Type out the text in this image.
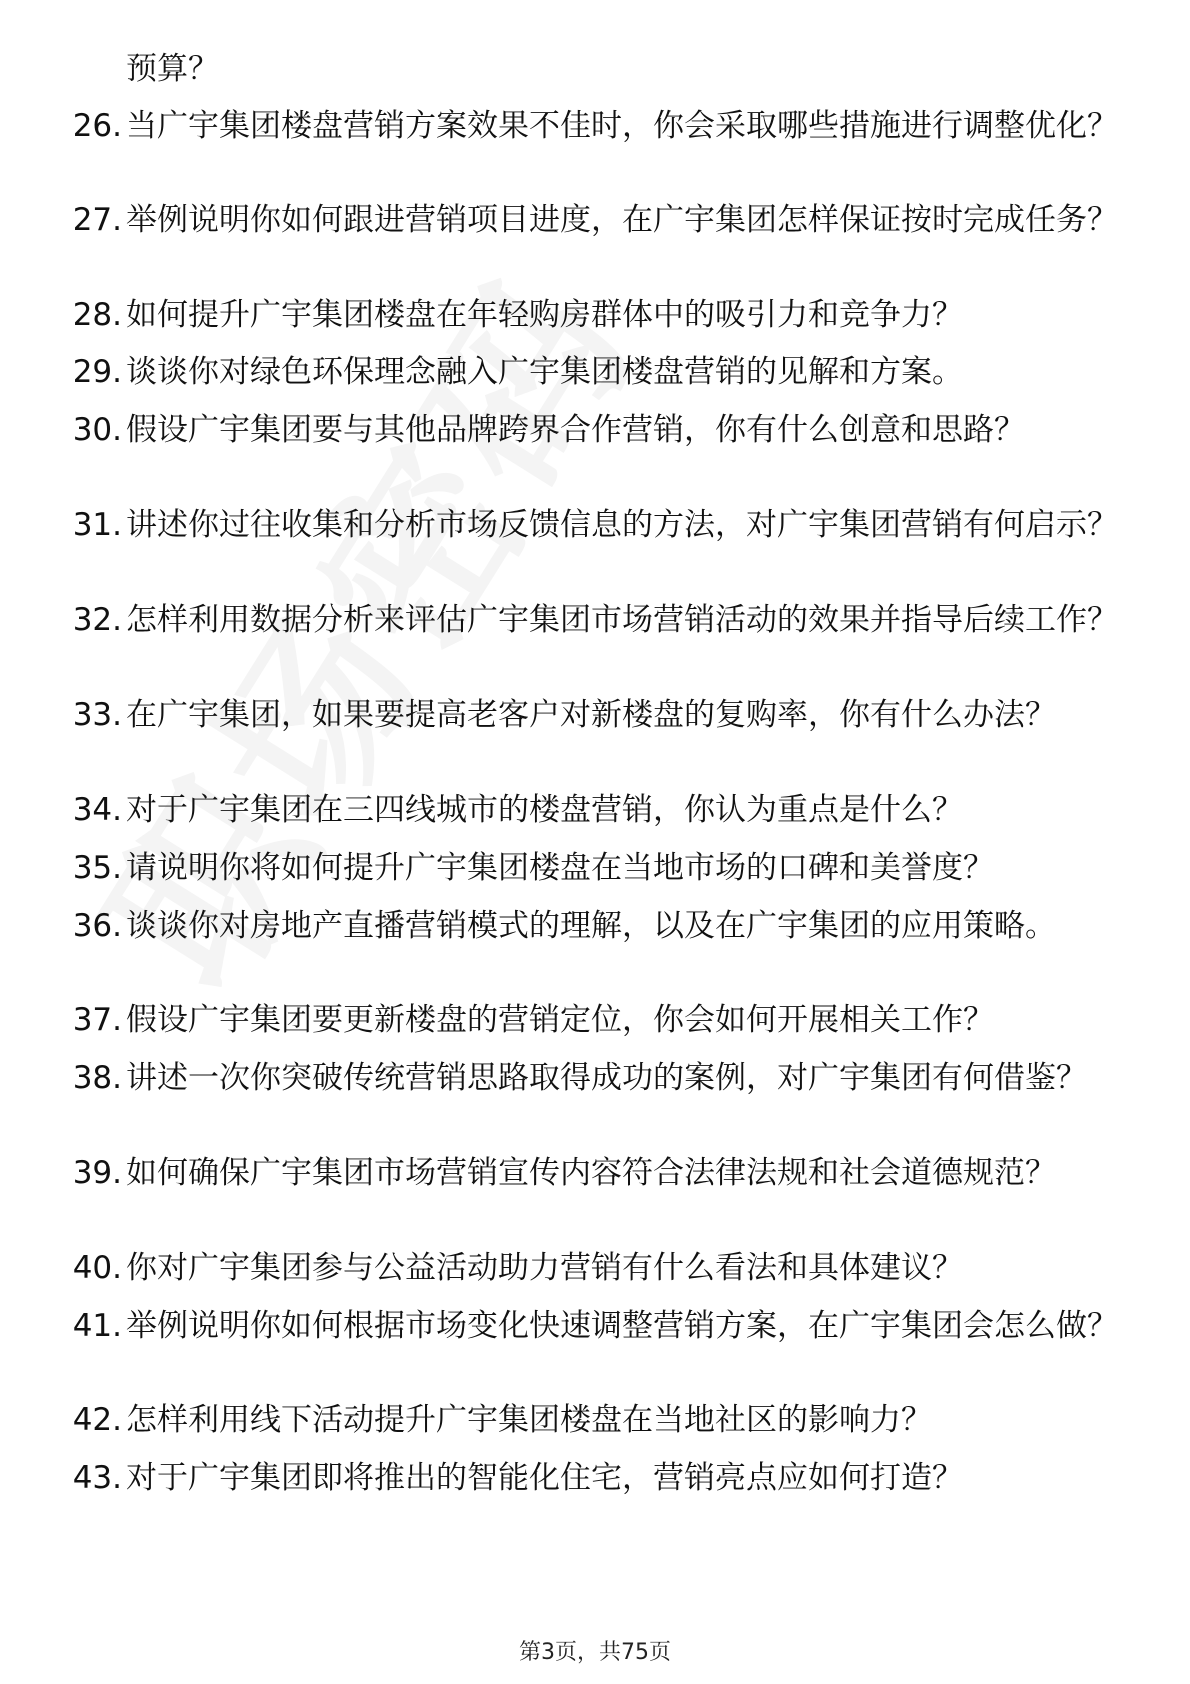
预算？

26. 当广宇集团楼盘营销方案效果不佳时，你会采取哪些措施进行调整优化？
27. 举例说明你如何跟进营销项目进度，在广宇集团怎样保证按时完成任务？
28. 如何提升广宇集团楼盘在年轻购房群体中的吸引力和竞争力？
29. 谈谈你对绿色环保理念融入广宇集团楼盘营销的见解和方案。
30. 假设广宇集团要与其他品牌跨界合作营销，你有什么创意和思路？
31. 讲述你过往收集和分析市场反馈信息的方法，对广宇集团营销有何启示？
32. 怎样利用数据分析来评估广宇集团市场营销活动的效果并指导后续工作？
33. 在广宇集团，如果要提高老客户对新楼盘的复购率，你有什么办法？
34. 对于广宇集团在三四线城市的楼盘营销，你认为重点是什么？
35. 请说明你将如何提升广宇集团楼盘在当地市场的口碑和美誉度？
36. 谈谈你对房地产直播营销模式的理解，以及在广宇集团的应用策略。
37. 假设广宇集团要更新楼盘的营销定位，你会如何开展相关工作？
38. 讲述一次你突破传统营销思路取得成功的案例，对广宇集团有何借鉴？
39. 如何确保广宇集团市场营销宣传内容符合法律法规和社会道德规范？
40. 你对广宇集团参与公益活动助力营销有什么看法和具体建议？
41. 举例说明你如何根据市场变化快速调整营销方案，在广宇集团会怎么做？
42. 怎样利用线下活动提升广宇集团楼盘在当地社区的影响力？
43. 对于广宇集团即将推出的智能化住宅，营销亮点应如何打造？
第3页，共75页
